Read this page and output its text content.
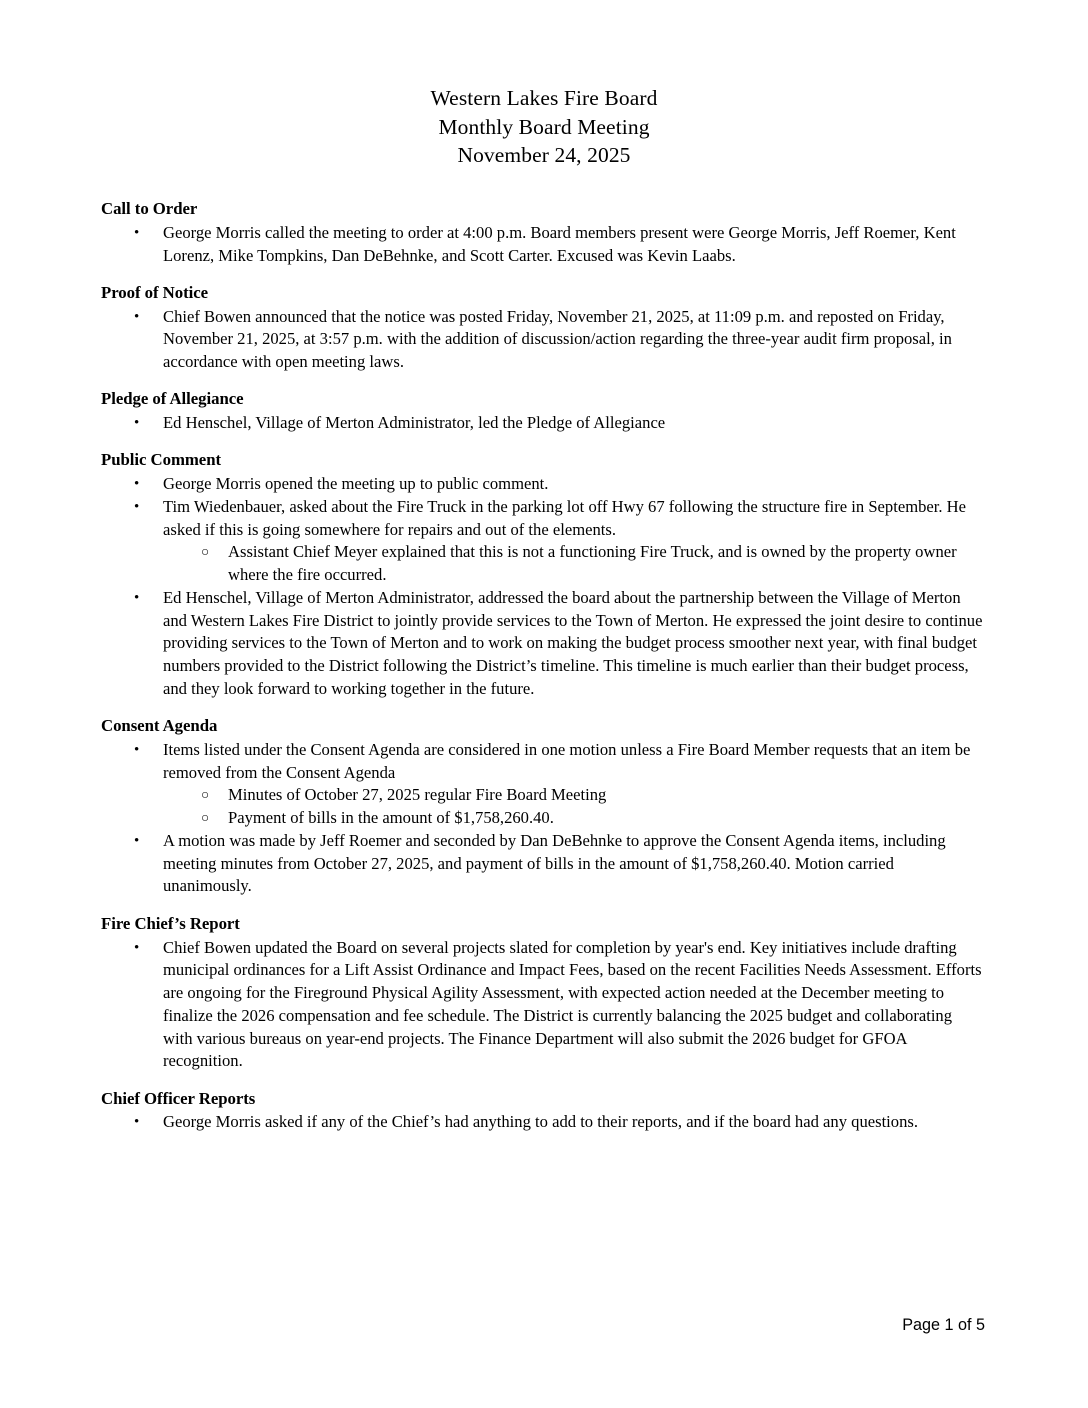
Western Lakes Fire Board
Monthly Board Meeting
November 24, 2025
Call to Order
•	George Morris called the meeting to order at 4:00 p.m. Board members present were George Morris, Jeff Roemer, Kent Lorenz, Mike Tompkins, Dan DeBehnke, and Scott Carter. Excused was Kevin Laabs.
Proof of Notice
•	Chief Bowen announced that the notice was posted Friday, November 21, 2025, at 11:09 p.m. and reposted on Friday, November 21, 2025, at 3:57 p.m. with the addition of discussion/action regarding the three-year audit firm proposal, in accordance with open meeting laws.
Pledge of Allegiance
•	Ed Henschel, Village of Merton Administrator, led the Pledge of Allegiance
Public Comment
•	George Morris opened the meeting up to public comment.
•	Tim Wiedenbauer, asked about the Fire Truck in the parking lot off Hwy 67 following the structure fire in September. He asked if this is going somewhere for repairs and out of the elements.
○	Assistant Chief Meyer explained that this is not a functioning Fire Truck, and is owned by the property owner where the fire occurred.
•	Ed Henschel, Village of Merton Administrator, addressed the board about the partnership between the Village of Merton and Western Lakes Fire District to jointly provide services to the Town of Merton. He expressed the joint desire to continue providing services to the Town of Merton and to work on making the budget process smoother next year, with final budget numbers provided to the District following the District’s timeline. This timeline is much earlier than their budget process, and they look forward to working together in the future.
Consent Agenda
•	Items listed under the Consent Agenda are considered in one motion unless a Fire Board Member requests that an item be removed from the Consent Agenda
○	Minutes of October 27, 2025 regular Fire Board Meeting
○	Payment of bills in the amount of $1,758,260.40.
•	A motion was made by Jeff Roemer and seconded by Dan DeBehnke to approve the Consent Agenda items, including meeting minutes from October 27, 2025, and payment of bills in the amount of $1,758,260.40. Motion carried unanimously.
Fire Chief’s Report
•	Chief Bowen updated the Board on several projects slated for completion by year's end. Key initiatives include drafting municipal ordinances for a Lift Assist Ordinance and Impact Fees, based on the recent Facilities Needs Assessment. Efforts are ongoing for the Fireground Physical Agility Assessment, with expected action needed at the December meeting to finalize the 2026 compensation and fee schedule. The District is currently balancing the 2025 budget and collaborating with various bureaus on year-end projects. The Finance Department will also submit the 2026 budget for GFOA recognition.
Chief Officer Reports
•	George Morris asked if any of the Chief’s had anything to add to their reports, and if the board had any questions.
Page 1 of 5
